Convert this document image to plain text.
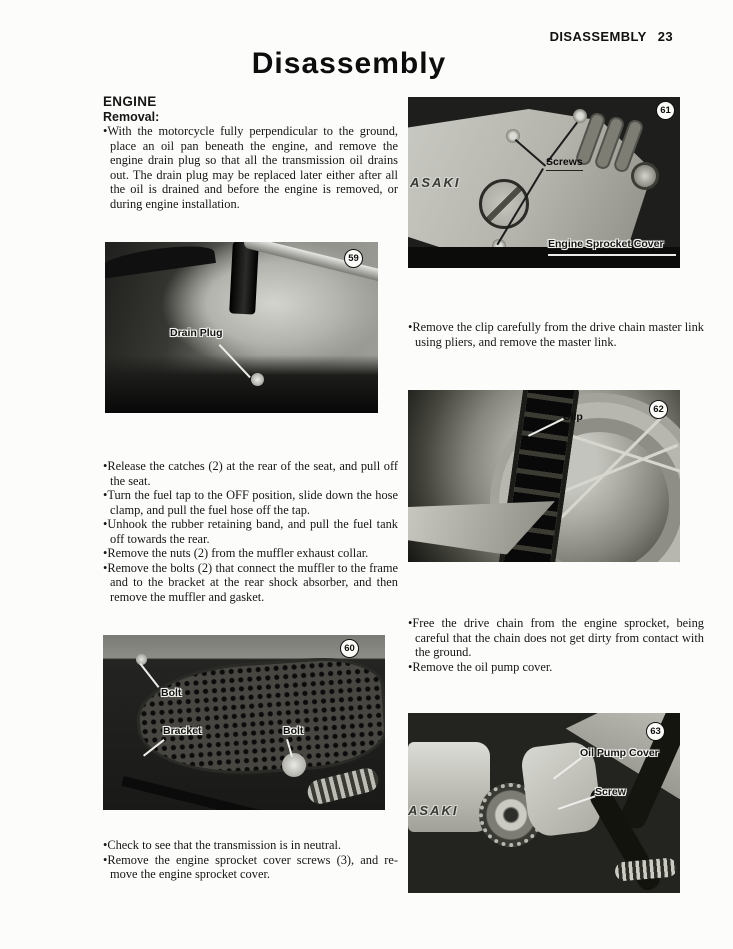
DISASSEMBLY 23
Disassembly
ENGINE
Removal:

• With the motorcycle fully perpendicular to the ground, place an oil pan beneath the engine, and remove the engine drain plug so that all the transmission oil drains out. The drain plug may be replaced later either after all the oil is drained and before the engine is removed, or during engine installation.

Drain Plug
59

• Release the catches (2) at the rear of the seat, and pull off the seat.

• Turn the fuel tap to the OFF position, slide down the hose clamp, and pull the fuel hose off the tap.

• Unhook the rubber retaining band, and pull the fuel tank off towards the rear.

• Remove the nuts (2) from the muffler exhaust collar.

• Remove the bolts (2) that connect the muffler to the frame and to the bracket at the rear shock absorber, and then remove the muffler and gasket.

Bolt
Bracket	Bolt
60

• Check to see that the transmission is in neutral.

• Remove the engine sprocket cover screws (3), and re- move the engine sprocket cover.

Screws
ASAKI
Engine Sprocket Cover
61

• Remove the clip carefully from the drive chain master link using pliers, and remove the master link.

Clip
62

• Free the drive chain from the engine sprocket, being careful that the chain does not get dirty from contact with the ground.

• Remove the oil pump cover.

Oil Pump Cover
Screw
ASAKI
63
